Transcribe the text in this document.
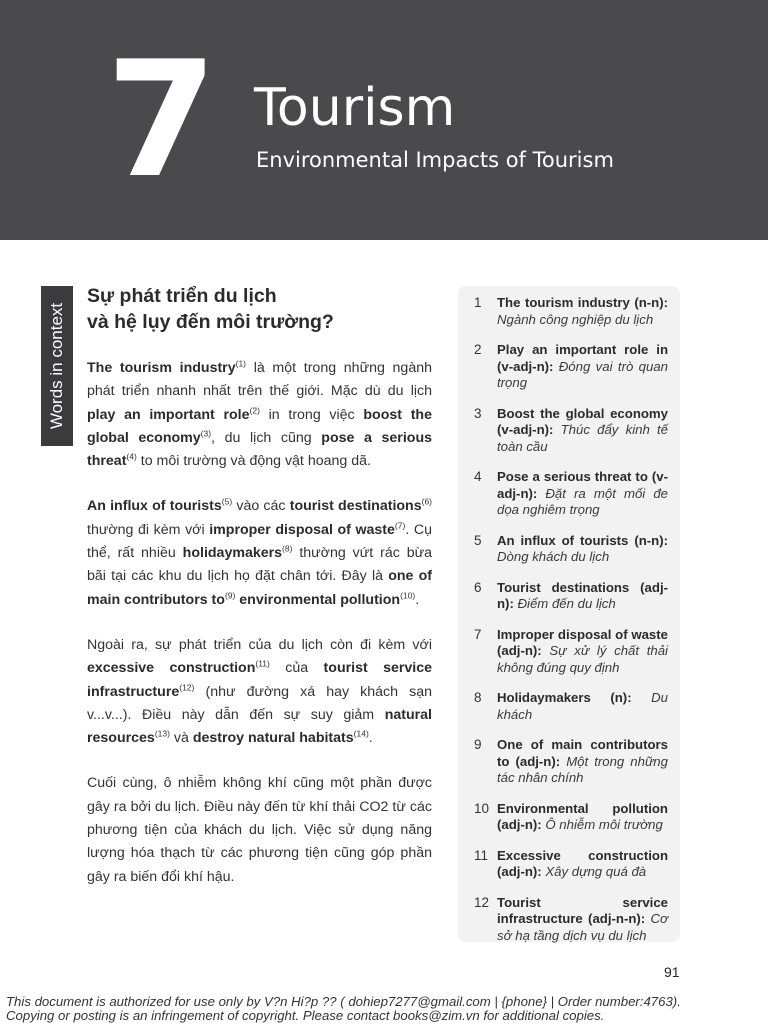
7 Tourism
Environmental Impacts of Tourism
Words in context
Sự phát triển du lịch
và hệ lụy đến môi trường?

The tourism industry$^{(1)}$ là một trong những ngành phát triển nhanh nhất trên thế giới. Mặc dù du lịch play an important role$^{(2)}$ in trong việc boost the global economy$^{(3)}$, du lịch cũng pose a serious threat$^{(4)}$ to môi trường và động vật hoang dã.

An influx of tourists$^{(5)}$ vào các tourist destinations$^{(6)}$ thường đi kèm với improper disposal of waste$^{(7)}$. Cụ thể, rất nhiều holidaymakers$^{(8)}$ thường vứt rác bừa bãi tại các khu du lịch họ đặt chân tới. Đây là one of main contributors $to^{(9)}$ environmental pollution$^{(10)}$.

Ngoài ra, sự phát triển của du lịch còn đi kèm với excessive construction$^{(11)}$ của tourist service infrastructure$^{(12)}$ (như đường xá hay khách sạn v...v...). Điều này dẫn đến sự suy giảm natural resources$^{(13)}$ và destroy natural habitats$^{(14)}$.

Cuối cùng, ô nhiễm không khí cũng một phần được gây ra bởi du lịch. Điều này đến từ khí thải CO2 từ các phương tiện của khách du lịch. Việc sử dụng năng lượng hóa thạch từ các phương tiện cũng góp phần gây ra biến đổi khí hậu.

1	The tourism industry (n-n): Ngành công nghiệp du lịch
2	Play an important role in (v-adj-n): Đóng vai trò quan trọng
3	Boost the global economy (v-adj-n): Thúc đẩy kinh tế toàn cầu
4	Pose a serious threat to (v-adj-n): Đặt ra một mối đe dọa nghiêm trọng
5	An influx of tourists (n-n): Dòng khách du lịch
6	Tourist destinations (adj-n): Điểm đến du lịch
7	Improper disposal of waste (adj-n): Sự xử lý chất thải không đúng quy định
8	Holidaymakers (n): Du khách
9	One of main contributors to (adj-n): Một trong những tác nhân chính
10 Environmental pollution (adj-n): Ô nhiễm môi trường
11 Excessive construction (adj-n): Xây dựng quá đà
12 Tourist service infrastructure (adj-n-n): Cơ sở hạ tầng dịch vụ du lịch
91
This document is authorized for use only by V?n Hi?p ?? ( dohiep7277@gmail.com | {phone} | Order number:4763).
Copying or posting is an infringement of copyright. Please contact books@zim.vn for additional copies.
